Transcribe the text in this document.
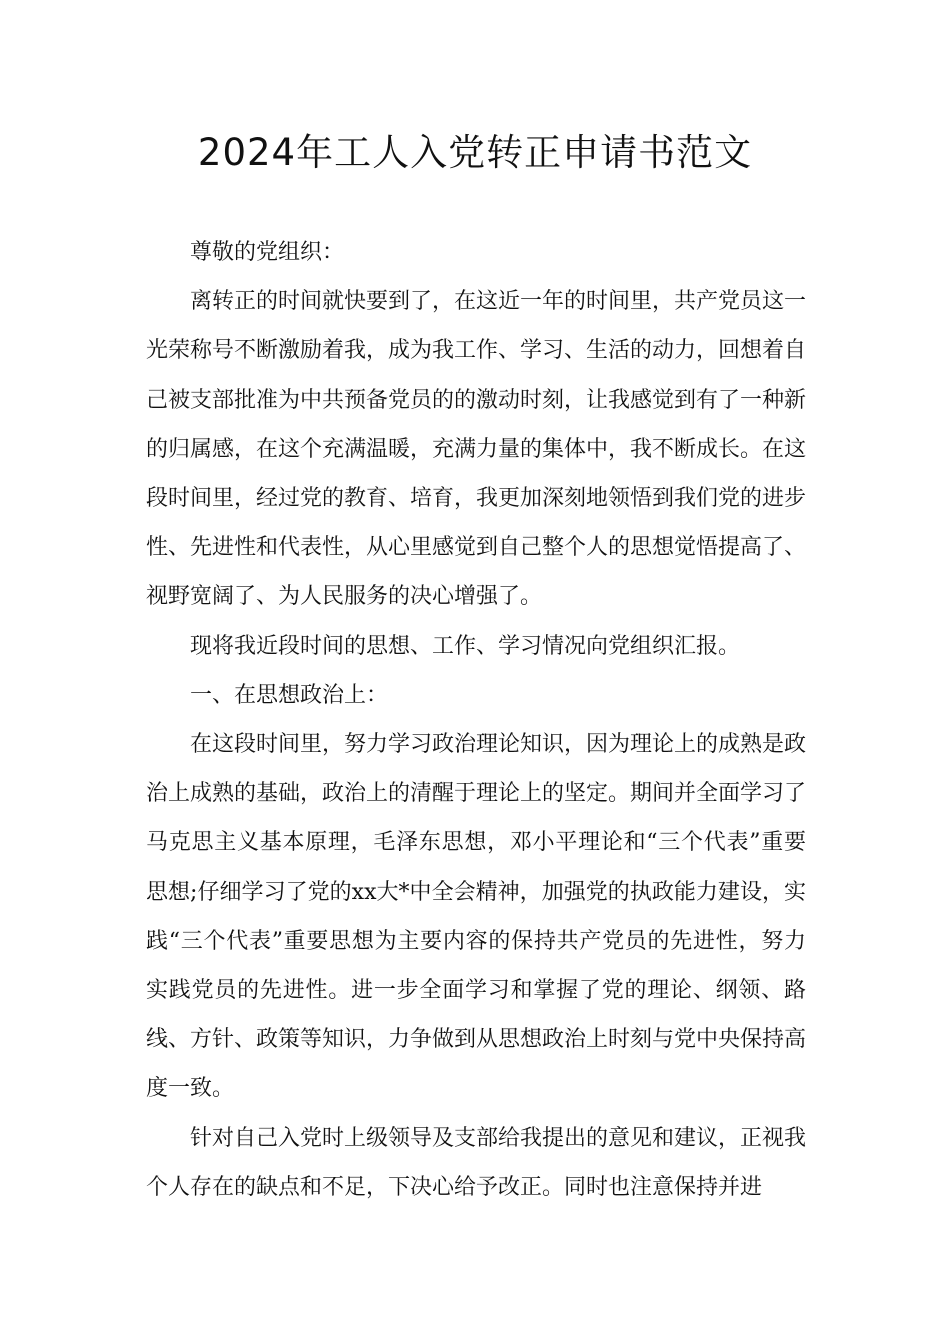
2024年工人入党转正申请书范文

尊敬的党组织：

离转正的时间就快要到了，在这近一年的时间里，共产党员这一光荣称号不断激励着我，成为我工作、学习、生活的动力，回想着自己被支部批准为中共预备党员的的激动时刻，让我感觉到有了一种新的归属感，在这个充满温暖，充满力量的集体中，我不断成长。在这段时间里，经过党的教育、培育，我更加深刻地领悟到我们党的进步性、先进性和代表性，从心里感觉到自己整个人的思想觉悟提高了、视野宽阔了、为人民服务的决心增强了。

现将我近段时间的思想、工作、学习情况向党组织汇报。

一、在思想政治上：

在这段时间里，努力学习政治理论知识，因为理论上的成熟是政治上成熟的基础，政治上的清醒于理论上的坚定。期间并全面学习了马克思主义基本原理，毛泽东思想，邓小平理论和“三个代表”重要思想;仔细学习了党的xx大*中全会精神，加强党的执政能力建设，实践“三个代表”重要思想为主要内容的保持共产党员的先进性，努力实践党员的先进性。进一步全面学习和掌握了党的理论、纲领、路线、方针、政策等知识，力争做到从思想政治上时刻与党中央保持高度一致。

针对自己入党时上级领导及支部给我提出的意见和建议，正视我个人存在的缺点和不足，下决心给予改正。同时也注意保持并进
